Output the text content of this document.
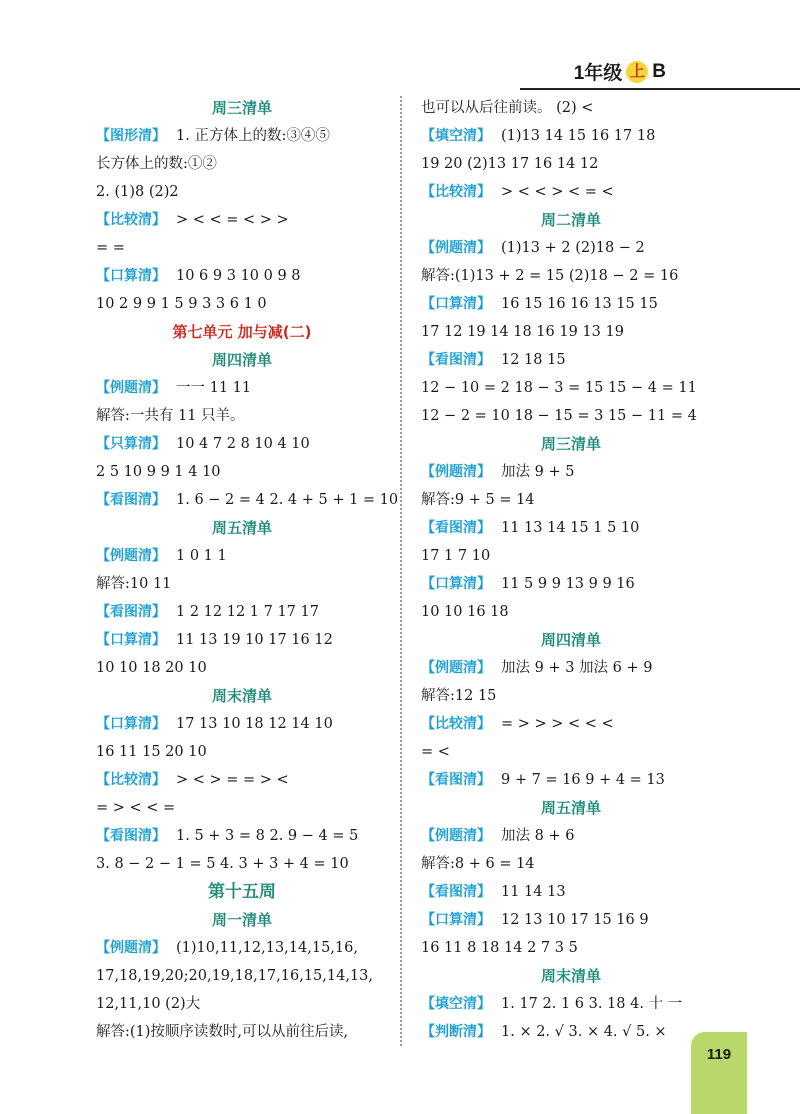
1年级 上 B
周三清单
【图形清】 1. 正方体上的数:③④⑤
长方体上的数:①②
2. (1)8 (2)2
【比较清】 > < < = < > >
= =
【口算清】 10 6 9 3 10 0 9 8
10 2 9 9 1 5 9 3 3 6 1 0
第七单元 加与减(二)
周四清单
【例题清】 一一 11 11
解答:一共有 11 只羊。
【只算清】 10 4 7 2 8 10 4 10
2 5 10 9 9 1 4 10
【看图清】 1. 6 − 2 = 4 2. 4 + 5 + 1 = 10
周五清单
【例题清】 1 0 1 1
解答:10 11
【看图清】 1 2 12 12 1 7 17 17
【口算清】 11 13 19 10 17 16 12
10 10 18 20 10
周末清单
【口算清】 17 13 10 18 12 14 10
16 11 15 20 10
【比较清】 > < > = = > <
= > < < =
【看图清】 1. 5 + 3 = 8 2. 9 − 4 = 5
3. 8 − 2 − 1 = 5 4. 3 + 3 + 4 = 10
第十五周
周一清单
【例题清】 (1)10,11,12,13,14,15,16,
17,18,19,20;20,19,18,17,16,15,14,13,
12,11,10 (2)大
解答:(1)按顺序读数时,可以从前往后读,
也可以从后往前读。 (2) <
【填空清】 (1)13 14 15 16 17 18
19 20 (2)13 17 16 14 12
【比较清】 > < < > < = <
周二清单
【例题清】 (1)13 + 2 (2)18 − 2
解答:(1)13 + 2 = 15 (2)18 − 2 = 16
【口算清】 16 15 16 16 13 15 15
17 12 19 14 18 16 19 13 19
【看图清】 12 18 15
12 − 10 = 2 18 − 3 = 15 15 − 4 = 11
12 − 2 = 10 18 − 15 = 3 15 − 11 = 4
周三清单
【例题清】 加法 9 + 5
解答:9 + 5 = 14
【看图清】 11 13 14 15 1 5 10
17 1 7 10
【口算清】 11 5 9 9 13 9 9 16
10 10 16 18
周四清单
【例题清】 加法 9 + 3 加法 6 + 9
解答:12 15
【比较清】 = > > > < < <
= <
【看图清】 9 + 7 = 16 9 + 4 = 13
周五清单
【例题清】 加法 8 + 6
解答:8 + 6 = 14
【看图清】 11 14 13
【口算清】 12 13 10 17 15 16 9
16 11 8 18 14 2 7 3 5
周末清单
【填空清】 1. 17 2. 1 6 3. 18 4. 十 一
【判断清】 1. × 2. √ 3. × 4. √ 5. ×
119
